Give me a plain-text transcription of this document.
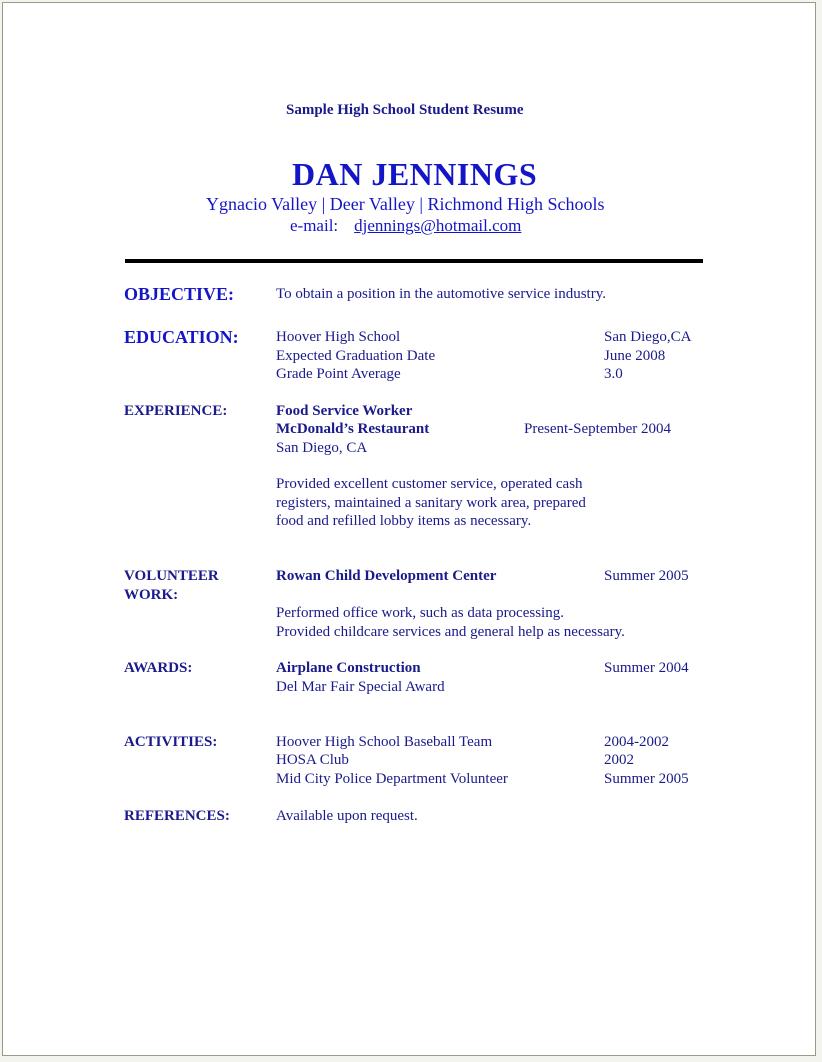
Sample High School Student Resume
DAN JENNINGS
Ygnacio Valley | Deer Valley | Richmond High Schools
e-mail: djennings@hotmail.com
OBJECTIVE:	To obtain a position in the automotive service industry.
EDUCATION: Hoover High School	San Diego,CA
Expected Graduation Date	June 2008
Grade Point Average	3.0
EXPERIENCE:	Food Service Worker
McDonald’s Restaurant	Present-September 2004
San Diego, CA
Provided excellent customer service, operated cash
registers, maintained a sanitary work area, prepared
food and refilled lobby items as necessary.
VOLUNTEER
WORK:
Rowan Child Development Center	Summer 2005
Performed office work, such as data processing.
Provided childcare services and general help as necessary.
AWARDS:	Airplane Construction	Summer 2004
Del Mar Fair Special Award
ACTIVITIES:	Hoover High School Baseball Team	2004-2002
HOSA Club	2002
Mid City Police Department Volunteer	Summer 2005
REFERENCES:	Available upon request.
